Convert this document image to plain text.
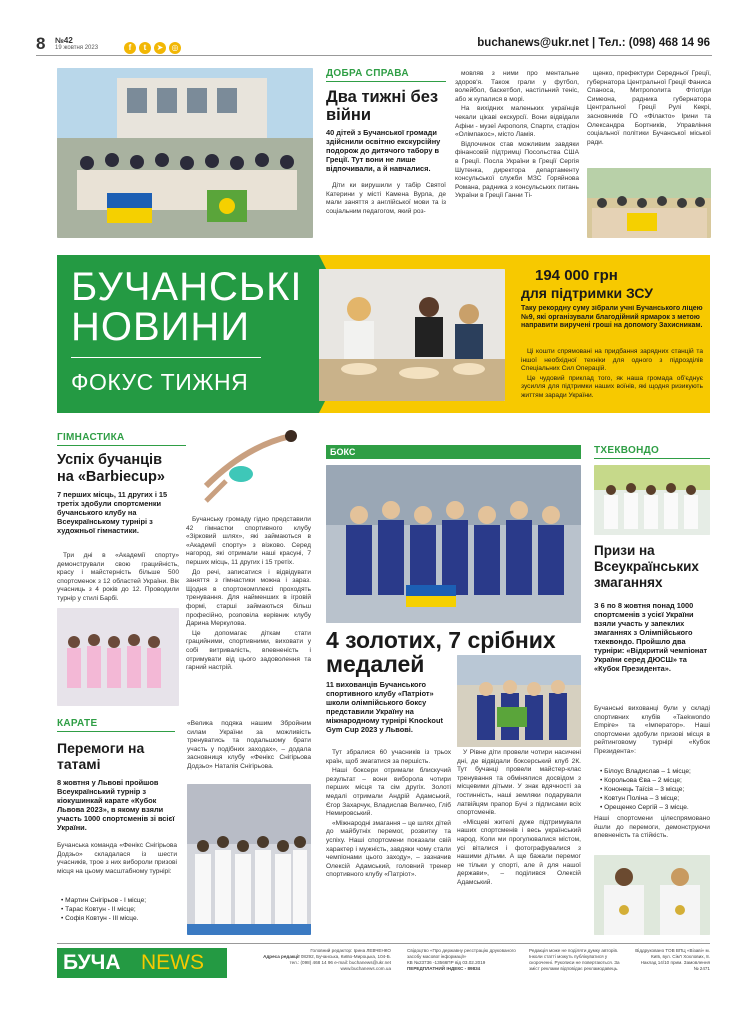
8 №42
19 жовтня 2023	f t ➤ ◎	buchanews@ukr.net | Тел.: (098) 468 14 96
ДОБРА СПРАВА
Два тижні без війни
40 дітей з Бучанської громади здійснили освітню екскурсійну подорож до дитячого табору в Греції. Тут вони не лише відпочивали, а й навчалися.

Діти ки вирушили у табір Святої Катерини у місті Камена Вурла, де мали заняття з англійської мови та із соціальним педагогом, який роз-

мовляв з ними про ментальне здоров'я. Також грали у футбол, волейбол, баскетбол, настільний теніс, або ж купалися в морі.

На вихідних маленьких українців чекали цікаві екскурсії. Вони відвідали Афіни - музеї Акрополя, Спарти, стадіон «Олімпакос», місто Ламія.

Відпочинок став можливим завдяки фінансовій підтримці Посольства США в Греції. Посла України в Греції Сергія Шутенка, директора департаменту консульської служби МЗС Горяйнова Романа, радника з консульських питань України в Греції Ганни Ті-

щенко, префектури Середньої Греції, губернатора Центральної Греції Фаниса Спаноса, Митрополита Фтіотіди Симеона, радника губернатора Центральної Греції Рулі Кекрі, засновників ГО «Філакто» Ірини та Олександра Бортників, Управління соціальної політики Бучанської міської ради.

БУЧАНСЬКІ
НОВИНИ
ФОКУС ТИЖНЯ
194 000 грн
для підтримки ЗСУ
Таку рекордну суму зібрали учні Бучанського ліцею №9, які організували благодійний ярмарок з метою направити виручені гроші на допомогу Захисникам.

Ці кошти спрямовані на придбання зарядних станцій та іншої необхідної техніки для одного з підрозділів Спеціальних Сил Операцій.

Це чудовий приклад того, як наша громада об'єднує зусилля для підтримки наших воїнів, які щодня ризикують життям заради України.

ГІМНАСТИКА
Успіх бучанців на «Barbiecup»
7 перших місць, 11 других і 15 третіх здобули спортсменки бучанського клубу на Всеукраїнському турнірі з художньої гімнастики.

Три дні в «Академії спорту» демонстрували свою грацийність, красу і майстерність більше 500 спортсменок з 12 областей України. Вік учасниць з 4 років до 12. Проводили турнір у стилі Барбі.

Бучанську громаду гідно представили 42 гімнастки спортивного клубу «Зірковий шлях», які займаються в «Академії спорту» з візково. Серед нагород, які отримали наші красуні, 7 перших місць, 11 других і 15 третіх.

До речі, записатися і відвідувати заняття з гімнастики можна і зараз. Щодня в спортокомплексі проходять тренування. Для найменших в ігровій формі, старші займаються більш професійно, розповіла керівник клубу Дарина Меркулова.

Це допомагає діткам стати грацийними, спортивними, виховати у собі витривалість, впевненість і отримувати від цього задоволення та гарний настрій.

БОКС
4 золотих, 7 срібних медалей
11 вихованців Бучанського спортивного клубу «Патріот» школи олімпійського боксу представили Україну на міжнародному турнірі Knockout Gym Cup 2023 у Львові.

Тут збралися 60 учасників із трьох країн, щоб змагатися за першість.

Наші боксери отримали блискучий результат – вони виборола чотири перших місця та сім другіх. Золоті медалі отримали Андрій Адамський, Єгор Захарчук, Владислав Величко, Гліб Немировський.

«Міжнародні змагання – це шлях дітей до майбутніх перемог, розвитку та успіху. Наші спортсмени показали свій характер і мужність, завдяки чому стали чемпіонами цього заходу», – зазначив Олексій Адамський, головний тренер спортивного клубу «Патріот».

У Рівне діти провели чотири насичені дні, де відвідали боксерський клуб 2К. Тут бучанці провели майстер-клас тренування та обмінялися досвідом з місцевими дітьми. У знак вдячності за гостинність, наші земляки подарували латвійцям прапор Бучі з підписами всіх спортсменів.

«Місцеві жителі дуже підтримували наших спортсменів і весь український народ. Коли ми прогулювалися містом, усі віталися і фотографувалися з нашими дітьми. А ще бажали перемог не тільки у спорті, але й для нашої держави», – поділився Олексій Адамський.

ТХЕКВОНДО
Призи на Всеукраїнських змаганнях
З 6 по 8 жовтня понад 1000 спортсменів з усієї України взяли участь у запеклих змаганнях з Олімпійського тхеквондо. Пройшло два турніри: «Відкритий чемпіонат України серед ДЮСШ» та «Кубок Президента».
Бучанські вихованці були у складі спортивних клубів «Taekwondo Empire» та «Імператор». Наші спортсмени здобули призові місця в рейтинговому турнірі «Кубок Президента»:
• Білоус Владислав – 1 місце;
• Корольова Єва – 2 місце;
• Кононець Таїсія – 3 місце;
• Ковтун Поліна – 3 місце;
• Орещенко Сергій – 3 місце.
Наші спортсмени цілеспрямовано йшли до перемоги, демонструючи впевненість та стійкість.
КАРАТЕ
Перемоги на татамі
8 жовтня у Львові пройшов Всеукраїнський турнір з кіокушинкай карате «Кубок Львова 2023», в якому взяли участь 1000 спортсменів зі всієї України.
Бучанська команда «Фенікс Снігірьова Додзьо» складалася із шести учасників, трое з них вибороли призові місця на цьому масштабному турнірі:
• Мартин Снігірьов - І місце;
• Тарас Ковтун - ІІ місце;
• Софія Ковтун - ІІІ місце.
«Велика подяка нашим Збройним силам України за можливість тренуватись та подальшому брати участь у подібних заходах», – додала засновниця клубу «Фенікс Снігірьова Додзьо» Наталія Снігірьова.
БУЧА NEWS
Головний редактор: Ірина ЛЕВЧЕНКО
Адреса редакції 08292, Бучанська, Київо-Мироцька, 104-Б.
тел.: (098) 468 14 96 e-mail: buchanews@ukr.net
www.buchanews.com.ua
Свідоцтво «Про державну реєстрацію друкованого засобу масової інформації»
КВ №23736 -13566ПР від 03.02.2019
ПЕРЕДПЛАТНИЙ ІНДЕКС - 89834
Редакція може не поділяти думку авторів. Інколи статті можуть публікуватися у скороченні. Рукописи не повертаються. За зміст реклами відповідає рекламодавець.
Віддруковано ТОВ ВПЦ «Візаві» м. Київ, вул. Сім'ї Хохлових, 8. Наклад 14/10 прим. Замовлення № 2471
